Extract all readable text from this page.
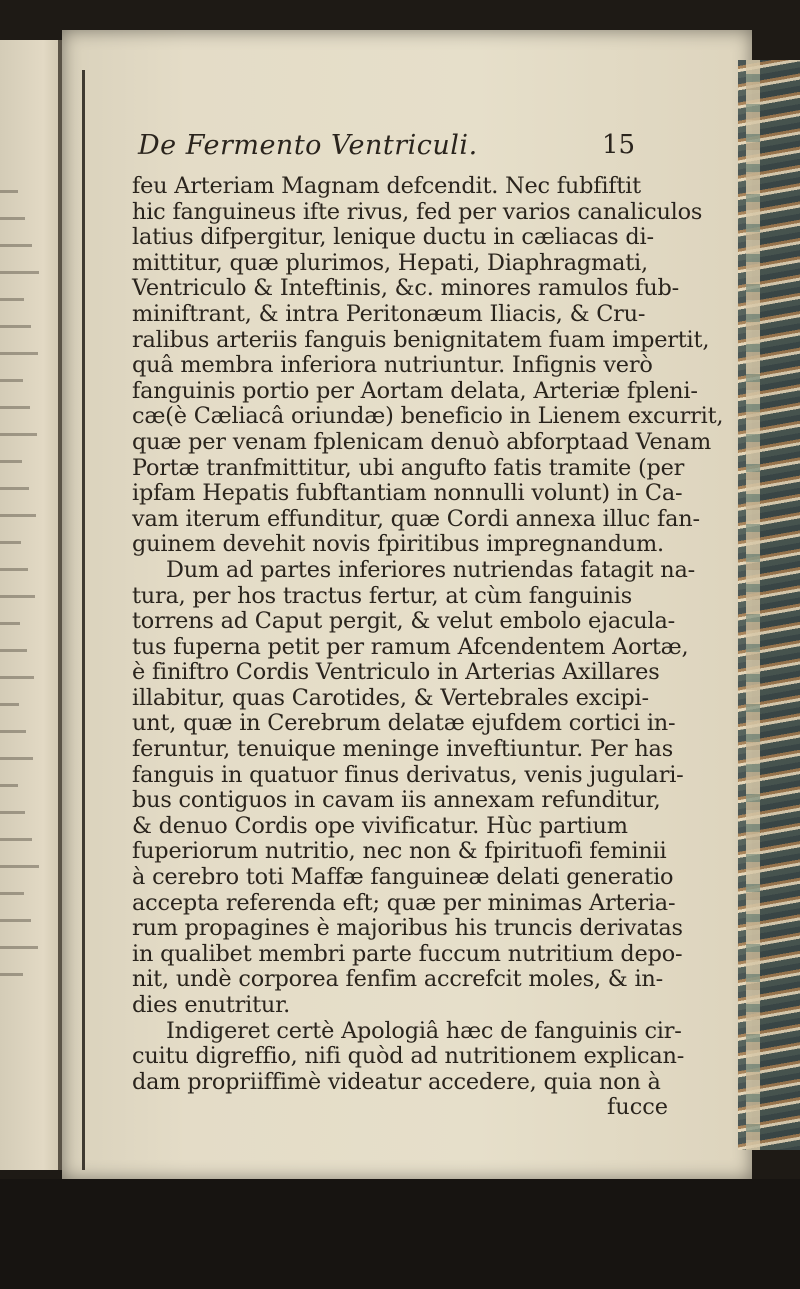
De Fermento Ventriculi.	15
feu Arteriam Magnam defcendit. Nec fubfiftit
hic fanguineus ifte rivus, fed per varios canaliculos
latius difpergitur, lenique ductu in cæliacas di-
mittitur, quæ plurimos, Hepati, Diaphragmati,
Ventriculo & Inteftinis, &c. minores ramulos fub-
miniftrant, & intra Peritonæum Iliacis, & Cru-
ralibus arteriis fanguis benignitatem fuam impertit,
quâ membra inferiora nutriuntur. Infignis verò
fanguinis portio per Aortam delata, Arteriæ fpleni-
cæ(è Cæliacâ oriundæ) beneficio in Lienem excurrit,
quæ per venam fplenicam denuò abforptaad Venam
Portæ tranfmittitur, ubi angufto fatis tramite (per
ipfam Hepatis fubftantiam nonnulli volunt) in Ca-
vam iterum effunditur, quæ Cordi annexa illuc fan-
guinem devehit novis fpiritibus impregnandum.
Dum ad partes inferiores nutriendas fatagit na-
tura, per hos tractus fertur, at cùm fanguinis
torrens ad Caput pergit, & velut embolo ejacula-
tus fuperna petit per ramum Afcendentem Aortæ,
è finiftro Cordis Ventriculo in Arterias Axillares
illabitur, quas Carotides, & Vertebrales excipi-
unt, quæ in Cerebrum delatæ ejufdem cortici in-
feruntur, tenuique meninge inveftiuntur. Per has
fanguis in quatuor finus derivatus, venis jugulari-
bus contiguos in cavam iis annexam refunditur,
& denuo Cordis ope vivificatur. Hùc partium
fuperiorum nutritio, nec non & fpirituofi feminii
à cerebro toti Maffæ fanguineæ delati generatio
accepta referenda eft; quæ per minimas Arteria-
rum propagines è majoribus his truncis derivatas
in qualibet membri parte fuccum nutritium depo-
nit, undè corporea fenfim accrefcit moles, & in-
dies enutritur.
Indigeret certè Apologiâ hæc de fanguinis cir-
cuitu digreffio, nifi quòd ad nutritionem explican-
dam propriiffimè videatur accedere, quia non à
fucce
